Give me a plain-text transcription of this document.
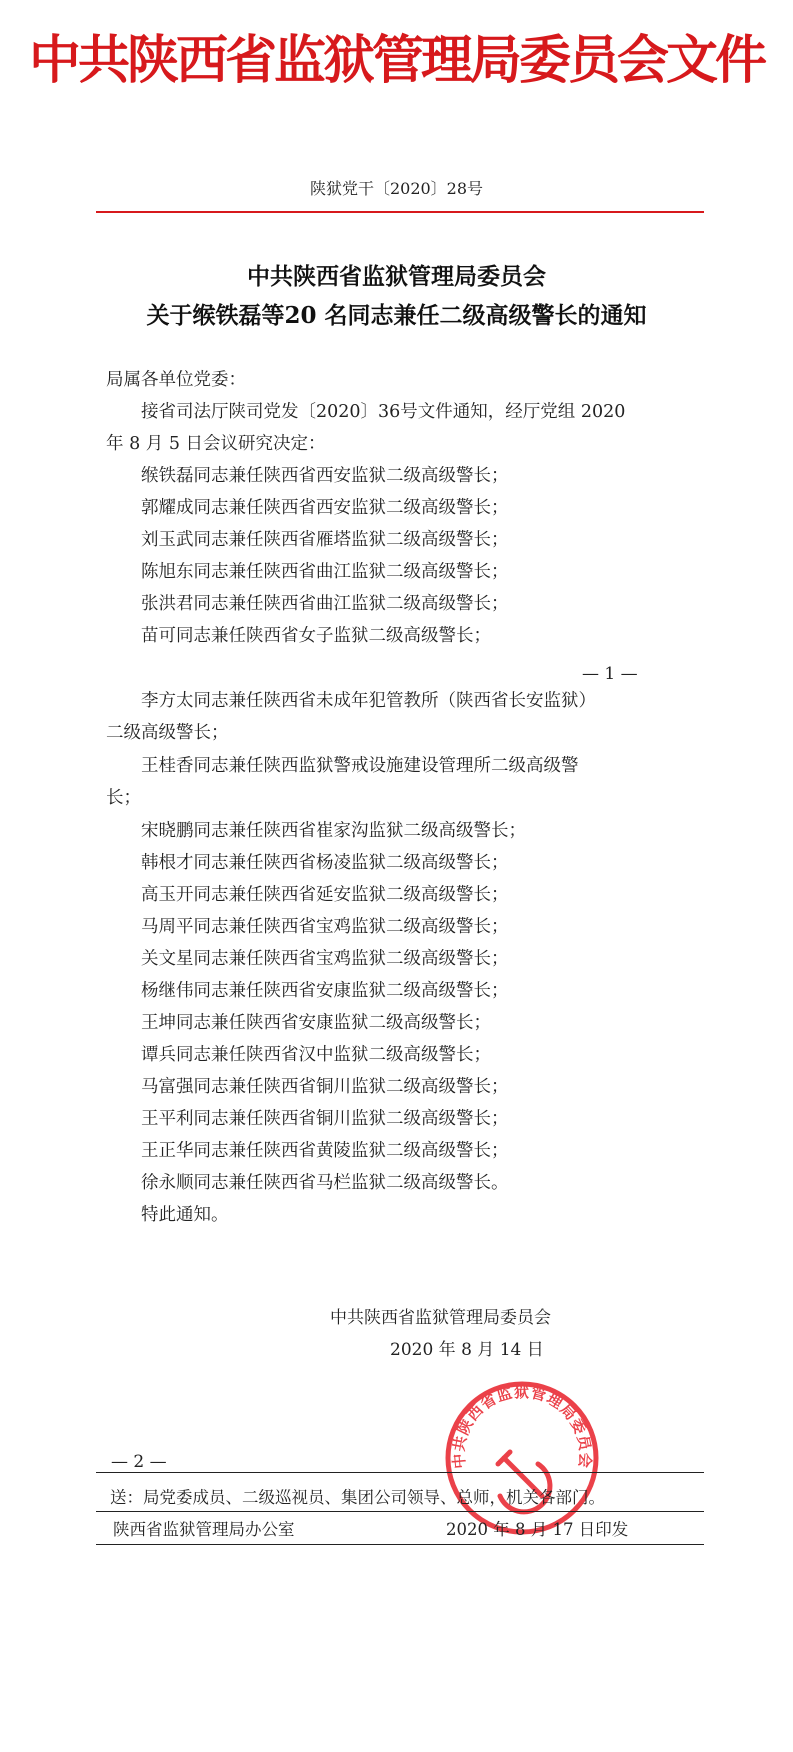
中共陕西省监狱管理局委员会文件
陕狱党干〔2020〕28号
中共陕西省监狱管理局委员会
关于缑铁磊等20 名同志兼任二级高级警长的通知
局属各单位党委：
接省司法厅陕司党发〔2020〕36号文件通知，经厅党组 2020
年 8 月 5 日会议研究决定：
缑铁磊同志兼任陕西省西安监狱二级高级警长；
郭耀成同志兼任陕西省西安监狱二级高级警长；
刘玉武同志兼任陕西省雁塔监狱二级高级警长；
陈旭东同志兼任陕西省曲江监狱二级高级警长；
张洪君同志兼任陕西省曲江监狱二级高级警长；
苗可同志兼任陕西省女子监狱二级高级警长；
— 1 —
李方太同志兼任陕西省未成年犯管教所（陕西省长安监狱）
二级高级警长；
王桂香同志兼任陕西监狱警戒设施建设管理所二级高级警
长；
宋晓鹏同志兼任陕西省崔家沟监狱二级高级警长；
韩根才同志兼任陕西省杨凌监狱二级高级警长；
高玉开同志兼任陕西省延安监狱二级高级警长；
马周平同志兼任陕西省宝鸡监狱二级高级警长；
关文星同志兼任陕西省宝鸡监狱二级高级警长；
杨继伟同志兼任陕西省安康监狱二级高级警长；
王坤同志兼任陕西省安康监狱二级高级警长；
谭兵同志兼任陕西省汉中监狱二级高级警长；
马富强同志兼任陕西省铜川监狱二级高级警长；
王平利同志兼任陕西省铜川监狱二级高级警长；
王正华同志兼任陕西省黄陵监狱二级高级警长；
徐永顺同志兼任陕西省马栏监狱二级高级警长。
特此通知。
中共陕西省监狱管理局委员会
中共陕西省监狱管理局委员会
2020 年 8 月 14 日
— 2 —
送：局党委成员、二级巡视员、集团公司领导、总师，机关各部门。
陕西省监狱管理局办公室	2020 年 8 月 17 日印发
